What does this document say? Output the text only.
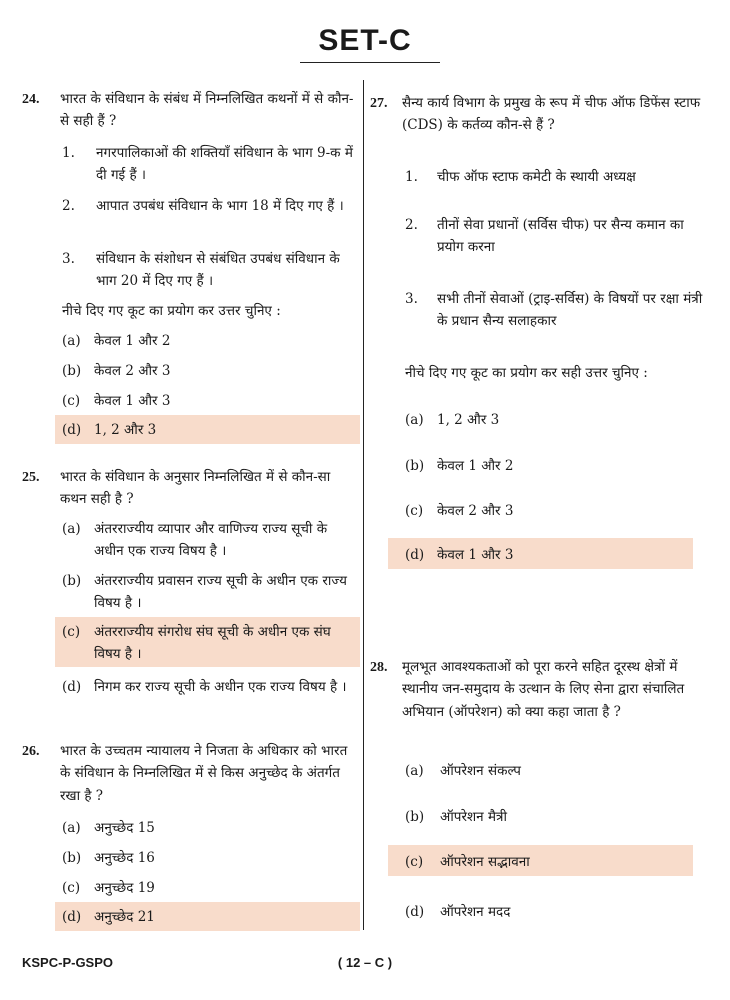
SET-C
24. भारत के संविधान के संबंध में निम्नलिखित कथनों में से कौन-से सही हैं ?
1. नगरपालिकाओं की शक्तियाँ संविधान के भाग 9-क में दी गई हैं ।
2. आपात उपबंध संविधान के भाग 18 में दिए गए हैं ।
3. संविधान के संशोधन से संबंधित उपबंध संविधान के भाग 20 में दिए गए हैं ।
नीचे दिए गए कूट का प्रयोग कर उत्तर चुनिए :
(a) केवल 1 और 2
(b) केवल 2 और 3
(c) केवल 1 और 3
(d) 1, 2 और 3
25. भारत के संविधान के अनुसार निम्नलिखित में से कौन-सा कथन सही है ?
(a) अंतरराज्यीय व्यापार और वाणिज्य राज्य सूची के अधीन एक राज्य विषय है ।
(b) अंतरराज्यीय प्रवासन राज्य सूची के अधीन एक राज्य विषय है ।
(c) अंतरराज्यीय संगरोध संघ सूची के अधीन एक संघ विषय है ।
(d) निगम कर राज्य सूची के अधीन एक राज्य विषय है ।
26. भारत के उच्चतम न्यायालय ने निजता के अधिकार को भारत के संविधान के निम्नलिखित में से किस अनुच्छेद के अंतर्गत रखा है ?
(a) अनुच्छेद 15
(b) अनुच्छेद 16
(c) अनुच्छेद 19
(d) अनुच्छेद 21
27. सैन्य कार्य विभाग के प्रमुख के रूप में चीफ ऑफ डिफेंस स्टाफ (CDS) के कर्तव्य कौन-से हैं ?
1. चीफ ऑफ स्टाफ कमेटी के स्थायी अध्यक्ष
2. तीनों सेवा प्रधानों (सर्विस चीफ) पर सैन्य कमान का प्रयोग करना
3. सभी तीनों सेवाओं (ट्राइ-सर्विस) के विषयों पर रक्षा मंत्री के प्रधान सैन्य सलाहकार
नीचे दिए गए कूट का प्रयोग कर सही उत्तर चुनिए :
(a) 1, 2 और 3
(b) केवल 1 और 2
(c) केवल 2 और 3
(d) केवल 1 और 3
28. मूलभूत आवश्यकताओं को पूरा करने सहित दूरस्थ क्षेत्रों में स्थानीय जन-समुदाय के उत्थान के लिए सेना द्वारा संचालित अभियान (ऑपरेशन) को क्या कहा जाता है ?
(a) ऑपरेशन संकल्प
(b) ऑपरेशन मैत्री
(c) ऑपरेशन सद्भावना
(d) ऑपरेशन मदद
KSPC-P-GSPO	( 12 – C )
